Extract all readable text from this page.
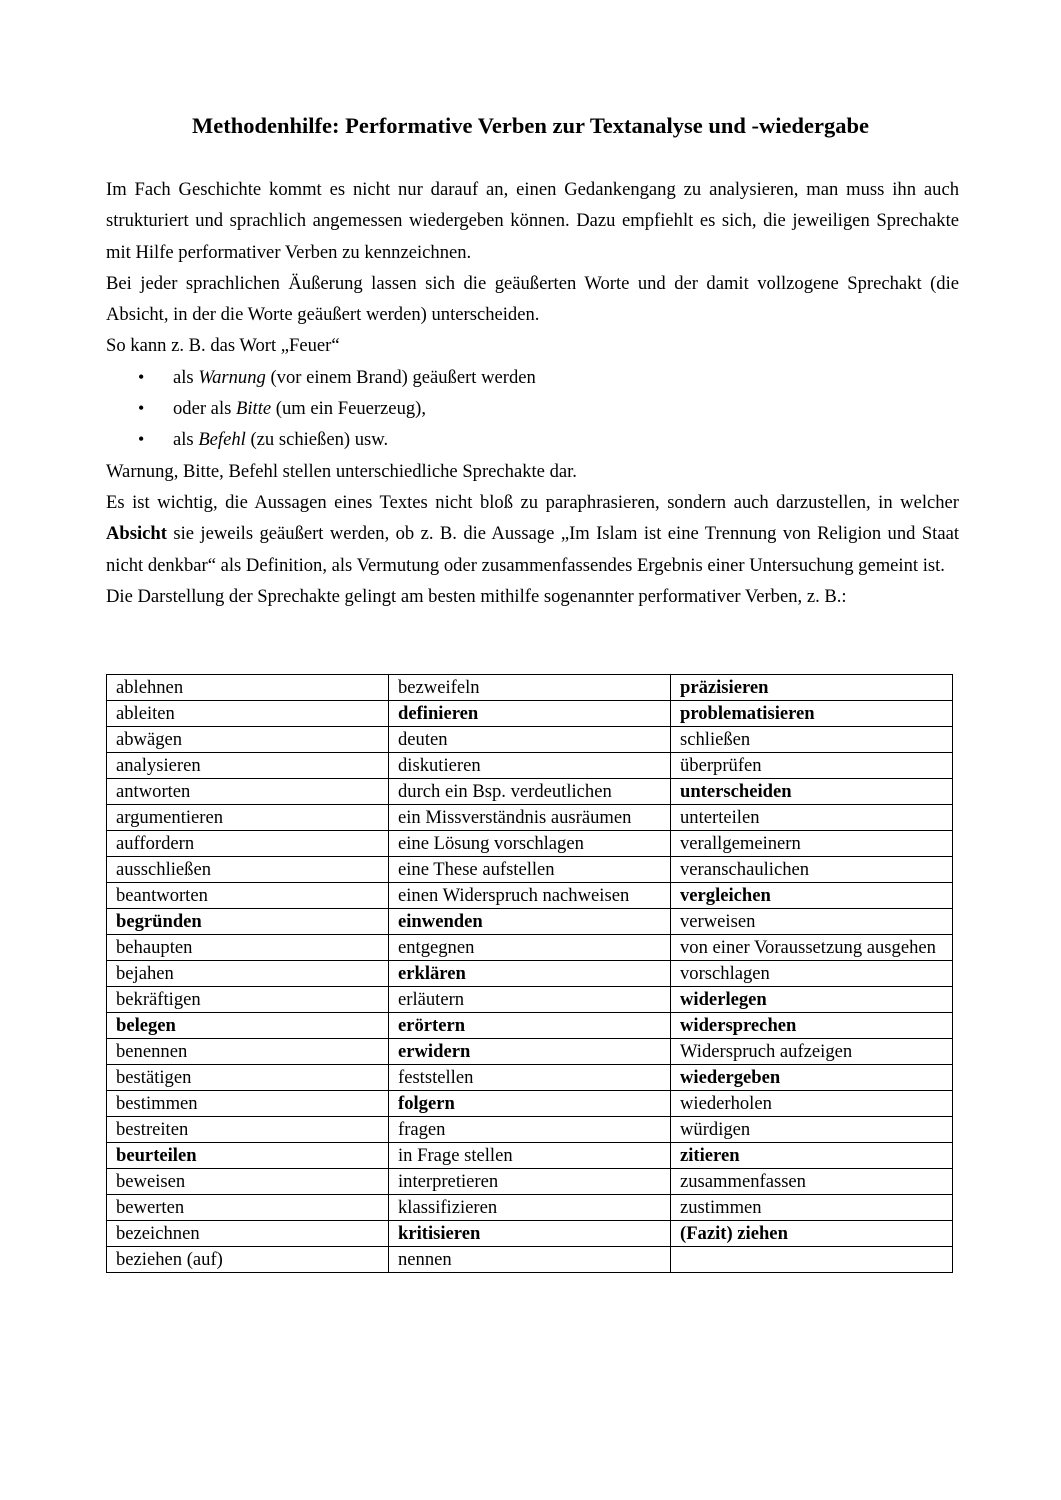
Methodenhilfe: Performative Verben zur Textanalyse und -wiedergabe

Im Fach Geschichte kommt es nicht nur darauf an, einen Gedankengang zu analysieren, man muss ihn auch strukturiert und sprachlich angemessen wiedergeben können. Dazu empfiehlt es sich, die jeweiligen Sprechakte mit Hilfe performativer Verben zu kennzeichnen.

Bei jeder sprachlichen Äußerung lassen sich die geäußerten Worte und der damit vollzogene Sprechakt (die Absicht, in der die Worte geäußert werden) unterscheiden.

So kann z. B. das Wort „Feuer“

• als Warnung (vor einem Brand) geäußert werden
• oder als Bitte (um ein Feuerzeug),
• als Befehl (zu schießen) usw.

Warnung, Bitte, Befehl stellen unterschiedliche Sprechakte dar.

Es ist wichtig, die Aussagen eines Textes nicht bloß zu paraphrasieren, sondern auch darzustellen, in welcher Absicht sie jeweils geäußert werden, ob z. B. die Aussage „Im Islam ist eine Trennung von Religion und Staat nicht denkbar“ als Definition, als Vermutung oder zusammenfassendes Ergebnis einer Untersuchung gemeint ist.

Die Darstellung der Sprechakte gelingt am besten mithilfe sogenannter performativer Verben, z. B.:

ablehnen	bezweifeln	präzisieren
ableiten	definieren	problematisieren
abwägen	deuten	schließen
analysieren	diskutieren	überprüfen
antworten	durch ein Bsp. verdeutlichen	unterscheiden
argumentieren	ein Missverständnis ausräumen	unterteilen
auffordern	eine Lösung vorschlagen	verallgemeinern
ausschließen	eine These aufstellen	veranschaulichen
beantworten	einen Widerspruch nachweisen	vergleichen
begründen	einwenden	verweisen
behaupten	entgegnen	von einer Voraussetzung ausgehen
bejahen	erklären	vorschlagen
bekräftigen	erläutern	widerlegen
belegen	erörtern	widersprechen
benennen	erwidern	Widerspruch aufzeigen
bestätigen	feststellen	wiedergeben
bestimmen	folgern	wiederholen
bestreiten	fragen	würdigen
beurteilen	in Frage stellen	zitieren
beweisen	interpretieren	zusammenfassen
bewerten	klassifizieren	zustimmen
bezeichnen	kritisieren	(Fazit) ziehen
beziehen (auf)	nennen	
